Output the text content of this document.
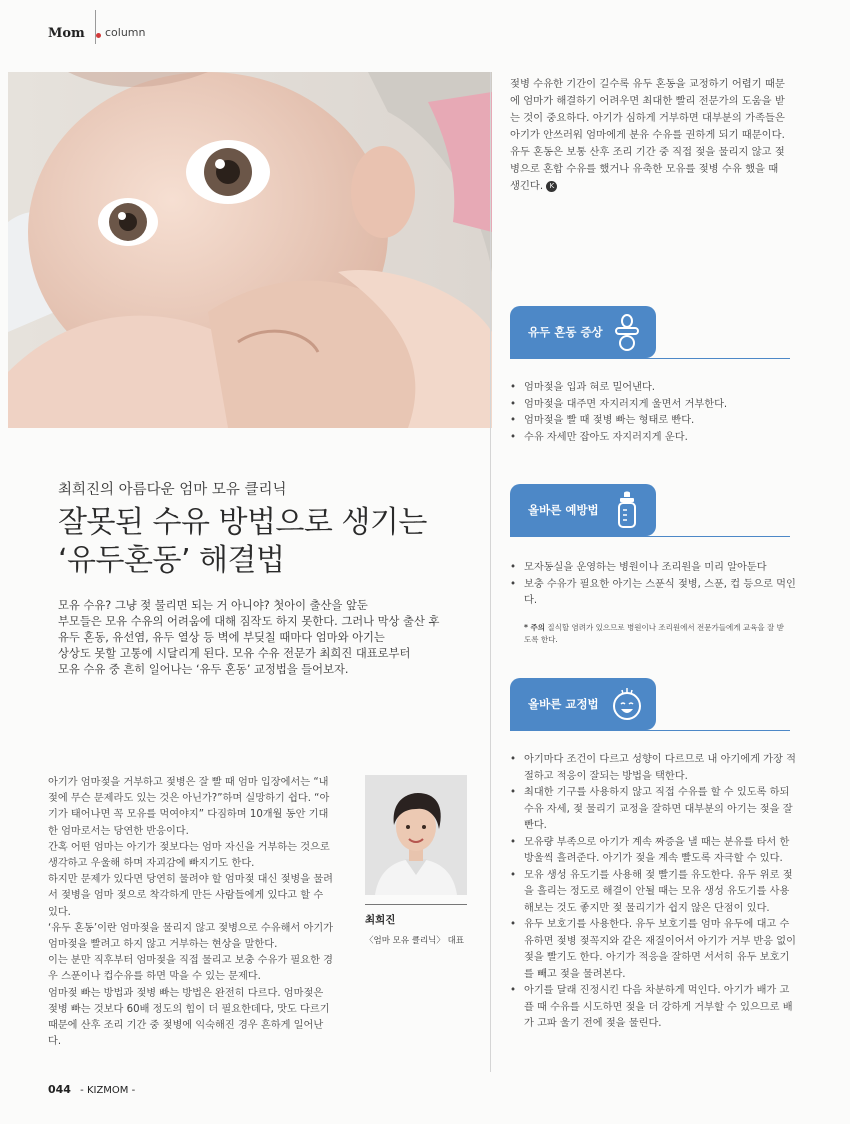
Mom column
최희진의 아름다운 엄마 모유 클리닉
잘못된 수유 방법으로 생기는
‘유두혼동’ 해결법

모유 수유? 그냥 젖 물리면 되는 거 아니야? 첫아이 출산을 앞둔

부모들은 모유 수유의 어려움에 대해 짐작도 하지 못한다. 그러나 막상 출산 후

유두 혼동, 유선염, 유두 열상 등 벽에 부딪칠 때마다 엄마와 아기는

상상도 못할 고통에 시달리게 된다. 모유 수유 전문가 최희진 대표로부터

모유 수유 중 흔히 일어나는 ‘유두 혼동’ 교정법을 들어보자.

아기가 엄마젖을 거부하고 젖병은 잘 빨 때 엄마 입장에서는 “내 젖에 무슨 문제라도 있는 것은 아닌가?”하며 실망하기 쉽다. “아기가 태어나면 꼭 모유를 먹여야지” 다짐하며 10개월 동안 기대한 엄마로서는 당연한 반응이다.

간혹 어떤 엄마는 아기가 젖보다는 엄마 자신을 거부하는 것으로 생각하고 우울해 하며 자괴감에 빠지기도 한다.

하지만 문제가 있다면 당연히 물려야 할 엄마젖 대신 젖병을 물려서 젖병을 엄마 젖으로 착각하게 만든 사람들에게 있다고 할 수 있다.

‘유두 혼동’이란 엄마젖을 물리지 않고 젖병으로 수유해서 아기가 엄마젖을 빨려고 하지 않고 거부하는 현상을 말한다.

이는 분만 직후부터 엄마젖을 직접 물리고 보충 수유가 필요한 경우 스푼이나 컵수유를 하면 막을 수 있는 문제다.

엄마젖 빠는 방법과 젖병 빠는 방법은 완전히 다르다. 엄마젖은 젖병 빠는 것보다 60배 정도의 힘이 더 필요한데다, 맛도 다르기 때문에 산후 조리 기간 중 젖병에 익숙해진 경우 흔하게 일어난다.

최희진
〈엄마 모유 클리닉〉 대표

젖병 수유한 기간이 길수록 유두 혼동을 교정하기 어렵기 때문에 엄마가 해결하기 어려우면 최대한 빨리 전문가의 도움을 받는 것이 중요하다. 아기가 심하게 거부하면 대부분의 가족들은 아기가 안쓰러워 엄마에게 분유 수유를 권하게 되기 때문이다.

유두 혼동은 보통 산후 조리 기간 중 직접 젖을 물리지 않고 젖병으로 혼합 수유를 했거나 유축한 모유를 젖병 수유 했을 때 생긴다. K

유두 혼동 증상
• 엄마젖을 입과 혀로 밀어낸다.
• 엄마젖을 대주면 자지러지게 울면서 거부한다.
• 엄마젖을 빨 때 젖병 빠는 형태로 빤다.
• 수유 자세만 잡아도 자지러지게 운다.
올바른 예방법
• 모자동실을 운영하는 병원이나 조리원을 미리 알아둔다
• 보충 수유가 필요한 아기는 스푼식 젖병, 스푼, 컵 등으로 먹인다.
* 주의 질식할 염려가 있으므로 병원이나 조리원에서 전문가들에게 교육을 잘 받도록 한다.
올바른 교정법
• 아기마다 조건이 다르고 성향이 다르므로 내 아기에게 가장 적절하고 적응이 잘되는 방법을 택한다.
• 최대한 기구를 사용하지 않고 직접 수유를 할 수 있도록 하되 수유 자세, 젖 물리기 교정을 잘하면 대부분의 아기는 젖을 잘 빤다.
• 모유량 부족으로 아기가 계속 짜증을 낼 때는 분유를 타서 한 방울씩 흘려준다. 아기가 젖을 계속 빨도록 자극할 수 있다.
• 모유 생성 유도기를 사용해 젖 빨기를 유도한다. 유두 위로 젖을 흘리는 정도로 해결이 안될 때는 모유 생성 유도기를 사용해보는 것도 좋지만 젖 물리기가 쉽지 않은 단점이 있다.
• 유두 보호기를 사용한다. 유두 보호기를 엄마 유두에 대고 수유하면 젖병 젖꼭지와 같은 재질이어서 아기가 거부 반응 없이 젖을 빨기도 한다. 아기가 적응을 잘하면 서서히 유두 보호기를 빼고 젖을 물려본다.
• 아기를 달래 진정시킨 다음 차분하게 먹인다. 아기가 배가 고플 때 수유를 시도하면 젖을 더 강하게 거부할 수 있으므로 배가 고파 울기 전에 젖을 물린다.
044 - KIZMOM -
